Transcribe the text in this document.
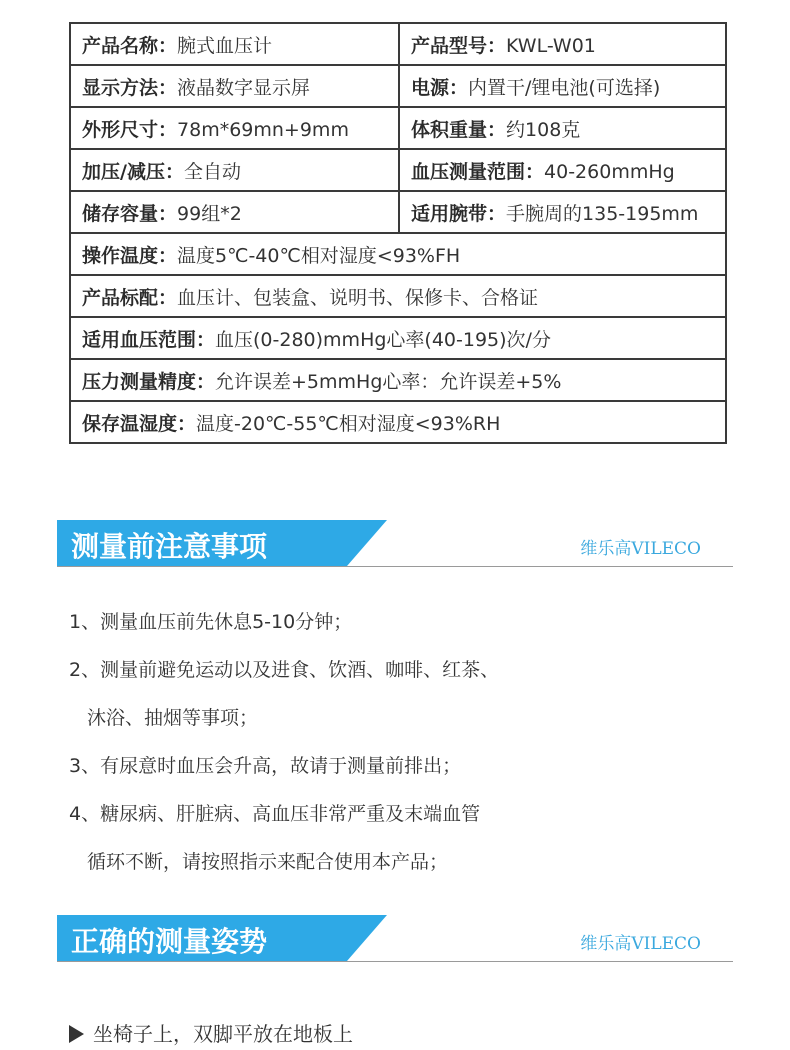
产品名称：腕式血压计	产品型号：KWL-W01
显示方法：液晶数字显示屏	电源：内置干/锂电池(可选择)
外形尺寸：78m*69mn+9mm	体积重量：约108克
加压/减压：全自动	血压测量范围：40-260mmHg
储存容量：99组*2	适用腕带：手腕周的135-195mm
操作温度：温度5℃-40℃相对湿度<93%FH	
产品标配：血压计、包装盒、说明书、保修卡、合格证	
适用血压范围：血压(0-280)mmHg心率(40-195)次/分	
压力测量精度：允许误差+5mmHg心率：允许误差+5%	
保存温湿度：温度-20℃-55℃相对湿度<93%RH	
测量前注意事项	维乐高VILECO
1、测量血压前先休息5-10分钟；
2、测量前避免运动以及进食、饮酒、咖啡、红茶、
沐浴、抽烟等事项；
3、有尿意时血压会升高，故请于测量前排出；
4、糖尿病、肝脏病、高血压非常严重及末端血管
循环不断，请按照指示来配合使用本产品；
正确的测量姿势	维乐高VILECO
坐椅子上，双脚平放在地板上
